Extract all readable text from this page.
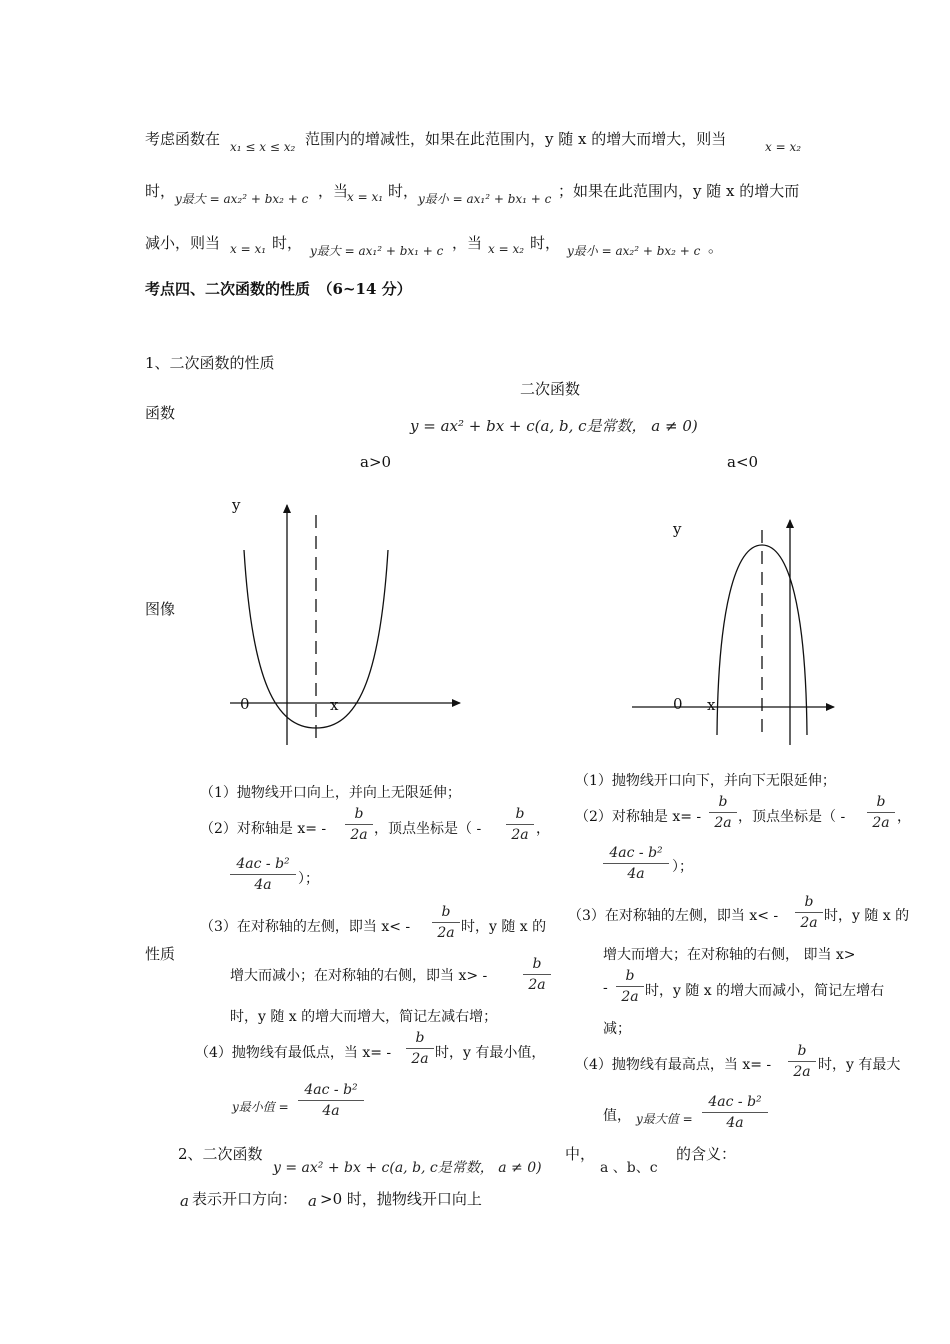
考虑函数在 x₁ ≤ x ≤ x₂ 范围内的增减性，如果在此范围内，y 随 x 的增大而增大，则当	x = x₂
时， y最大 = ax₂² + bx₂ + c ，当
x = x₁ 时， y最小 = ax₁² + bx₁ + c ；如果在此范围内，y 随 x 的增大而
减小，则当 x = x₁ 时， y最大 = ax₁² + bx₁ + c ，当 x = x₂ 时， y最小 = ax₂² + bx₂ + c 。
考点四、二次函数的性质　（6~14 分）
1、二次函数的性质
二次函数
函数
y = ax² + bx + c(a, b, c是常数， a ≠ 0)
a>0	a<0
图像
y
0	x
y
0 x
性质
（1）抛物线开口向上，并向上无限延伸；
（2）对称轴是 x= -
b
2a ，顶点坐标是（ -
b
2a ，
4ac - b²
4a	）；
（3）在对称轴的左侧，即当 x< -
b
2a 时，y 随 x 的
增大而减小；在对称轴的右侧，即当 x> -
b
2a
时，y 随 x 的增大而增大，简记左减右增；
（4）抛物线有最低点，当 x= -
b
2a 时，y 有最小值，
y最小值 =
4ac - b²
4a
（1）抛物线开口向下，并向下无限延伸；
（2）对称轴是 x= -
b
2a ，顶点坐标是（ -
b
2a ，
4ac - b²
4a	）；
（3）在对称轴的左侧，即当 x< -
b
2a 时，y 随 x 的
增大而增大；在对称轴的右侧， 即当 x>
-
b
2a 时，y 随 x 的增大而减小，简记左增右
减；
（4）抛物线有最高点，当 x= -
b
2a 时，y 有最大
值， y最大值 =
4ac - b²
4a
2、二次函数
y = ax² + bx + c(a, b, c是常数， a ≠ 0)
中，
a 、b、c
的含义：
a 表示开口方向： a >0 时，抛物线开口向上
